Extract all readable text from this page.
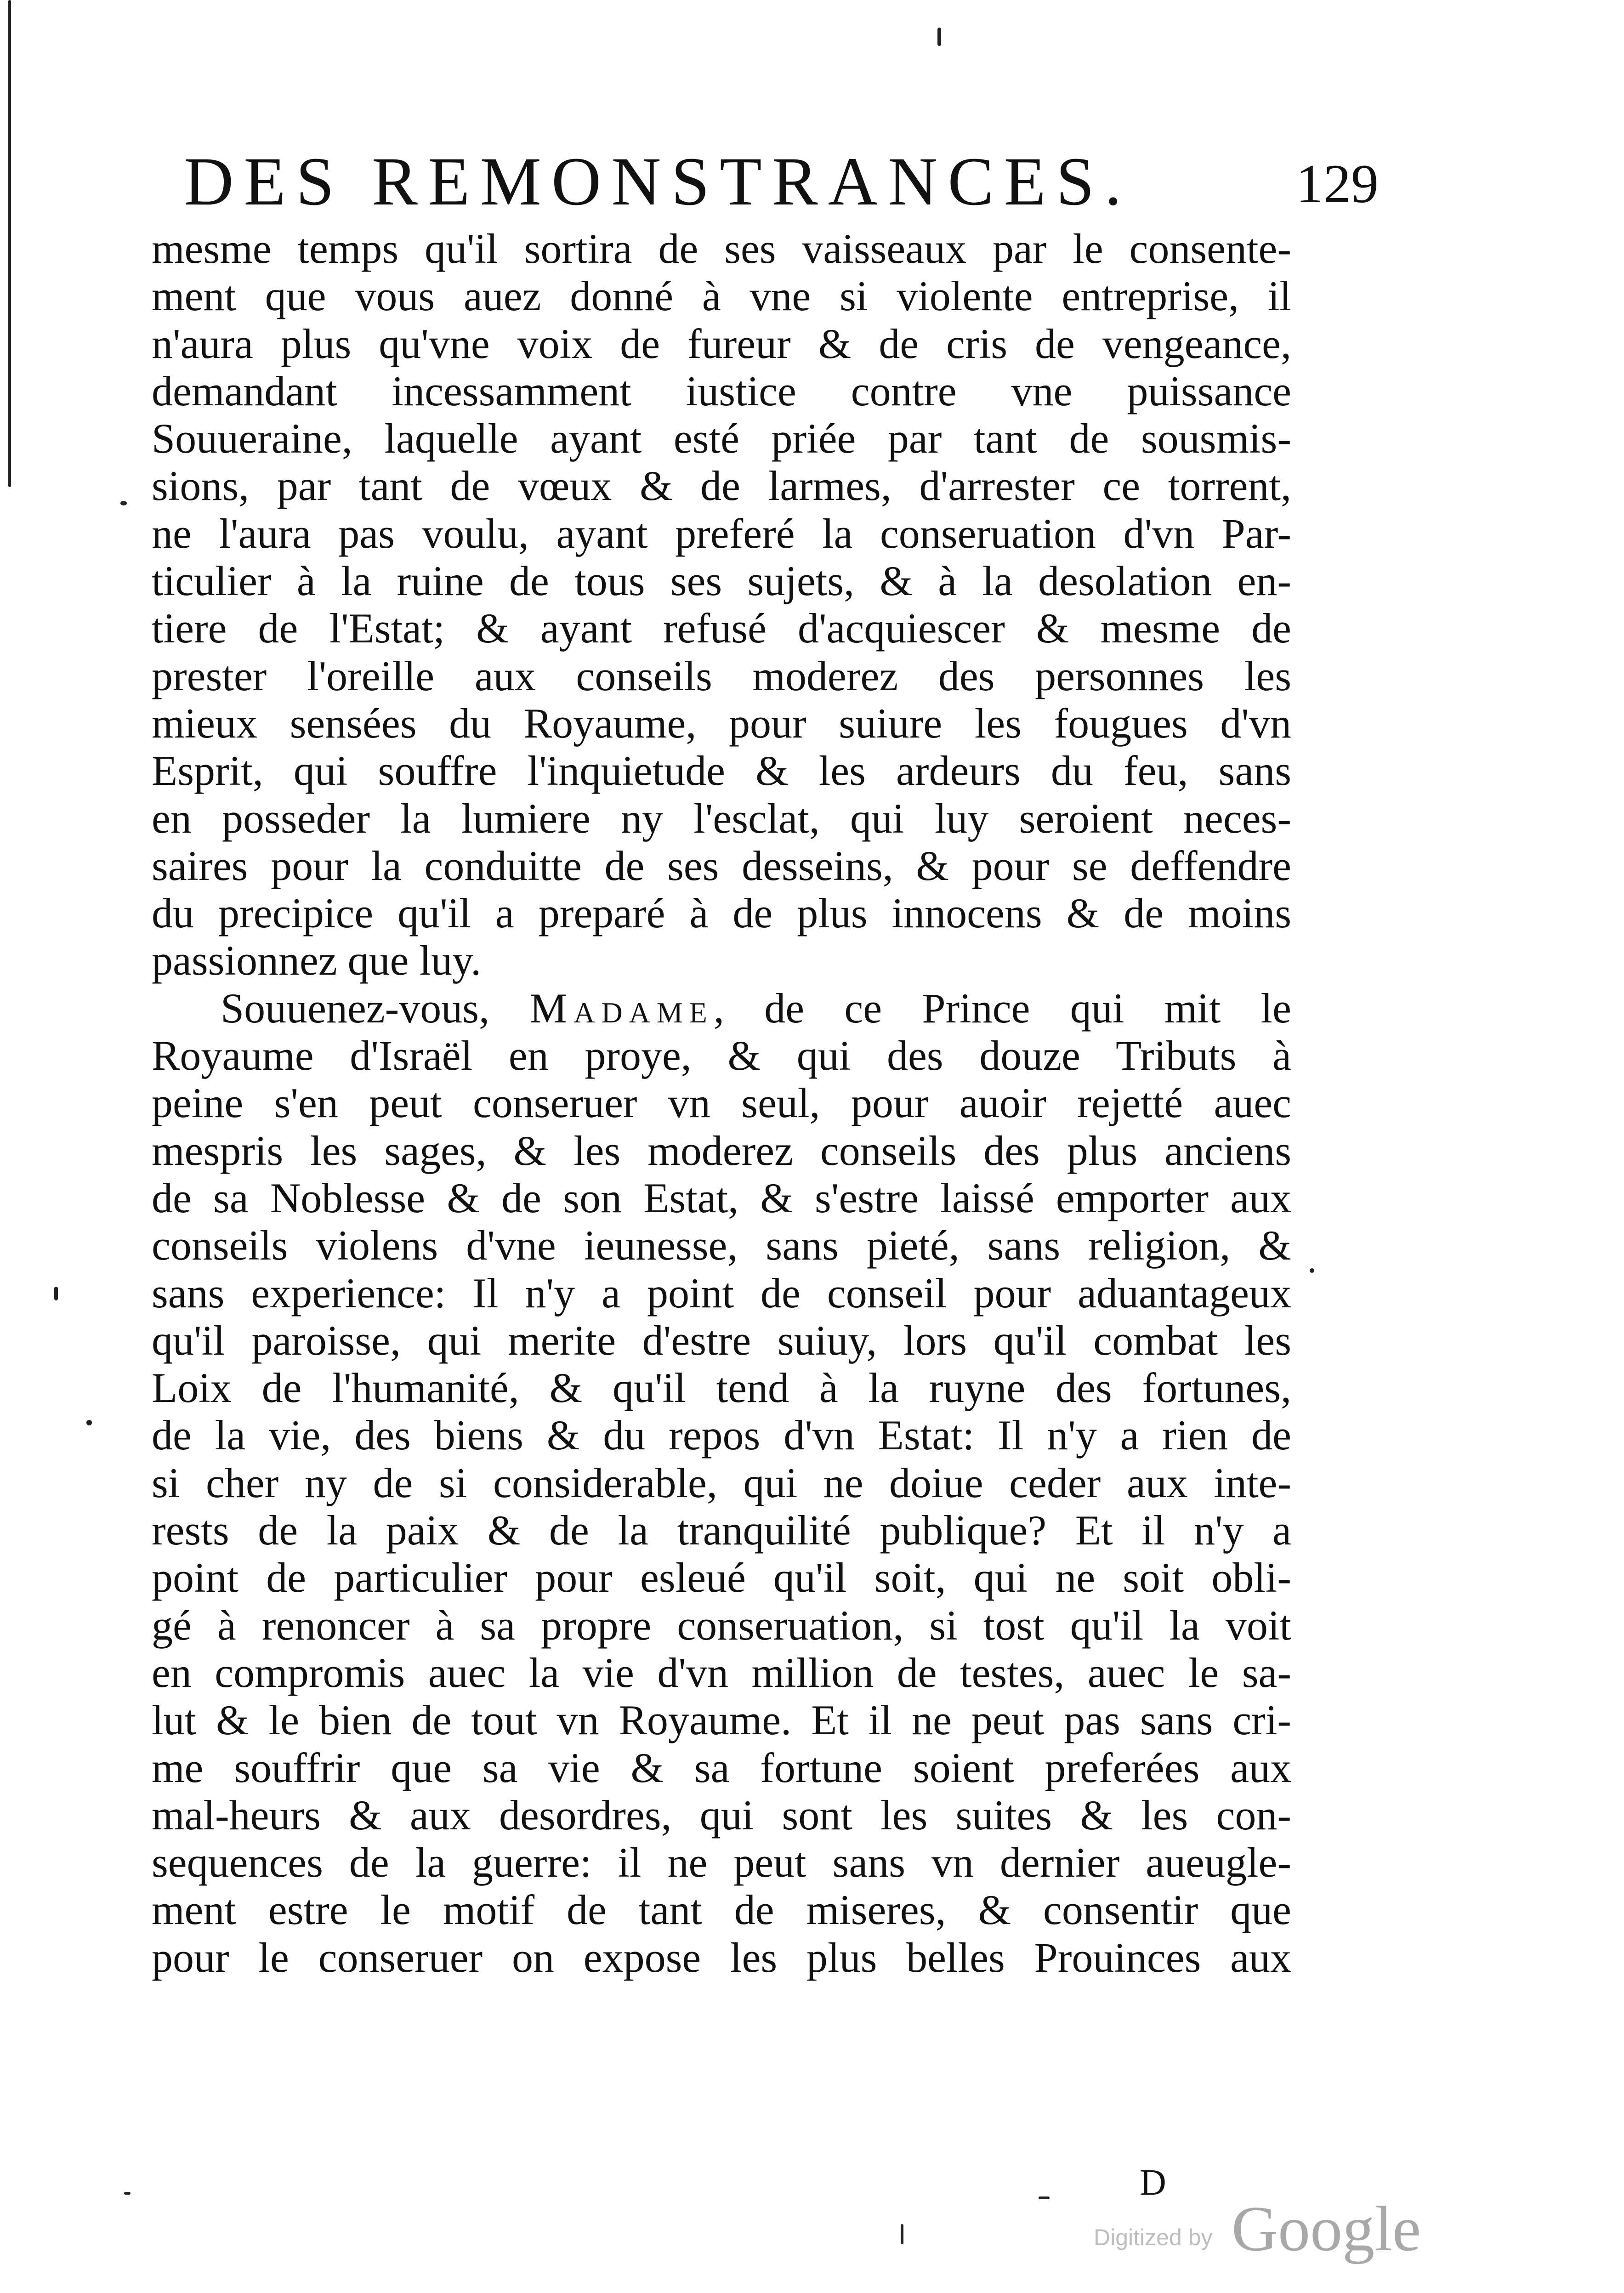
DES REMONSTRANCES.	129
mesme temps qu'il sortira de ses vaisseaux par le consente-
ment que vous auez donné à vne si violente entreprise, il
n'aura plus qu'vne voix de fureur & de cris de vengeance,
demandant incessamment iustice contre vne puissance
Souueraine, laquelle ayant esté priée par tant de sousmis-
sions, par tant de vœux & de larmes, d'arrester ce torrent,
ne l'aura pas voulu, ayant preferé la conseruation d'vn Par-
ticulier à la ruine de tous ses sujets, & à la desolation en-
tiere de l'Estat; & ayant refusé d'acquiescer & mesme de
prester l'oreille aux conseils moderez des personnes les
mieux sensées du Royaume, pour suiure les fougues d'vn
Esprit, qui souffre l'inquietude & les ardeurs du feu, sans
en posseder la lumiere ny l'esclat, qui luy seroient neces-
saires pour la conduitte de ses desseins, & pour se deffendre
du precipice qu'il a preparé à de plus innocens & de moins
passionnez que luy.
Souuenez-vous, Madame, de ce Prince qui mit le
Royaume d'Israël en proye, & qui des douze Tributs à
peine s'en peut conseruer vn seul, pour auoir rejetté auec
mespris les sages, & les moderez conseils des plus anciens
de sa Noblesse & de son Estat, & s'estre laissé emporter aux
conseils violens d'vne ieunesse, sans pieté, sans religion, &
sans experience: Il n'y a point de conseil pour aduantageux
qu'il paroisse, qui merite d'estre suiuy, lors qu'il combat les
Loix de l'humanité, & qu'il tend à la ruyne des fortunes,
de la vie, des biens & du repos d'vn Estat: Il n'y a rien de
si cher ny de si considerable, qui ne doiue ceder aux inte-
rests de la paix & de la tranquilité publique? Et il n'y a
point de particulier pour esleué qu'il soit, qui ne soit obli-
gé à renoncer à sa propre conseruation, si tost qu'il la voit
en compromis auec la vie d'vn million de testes, auec le sa-
lut & le bien de tout vn Royaume. Et il ne peut pas sans cri-
me souffrir que sa vie & sa fortune soient preferées aux
mal-heurs & aux desordres, qui sont les suites & les con-
sequences de la guerre: il ne peut sans vn dernier aueugle-
ment estre le motif de tant de miseres, & consentir que
pour le conseruer on expose les plus belles Prouinces aux
D
Digitized by Google
